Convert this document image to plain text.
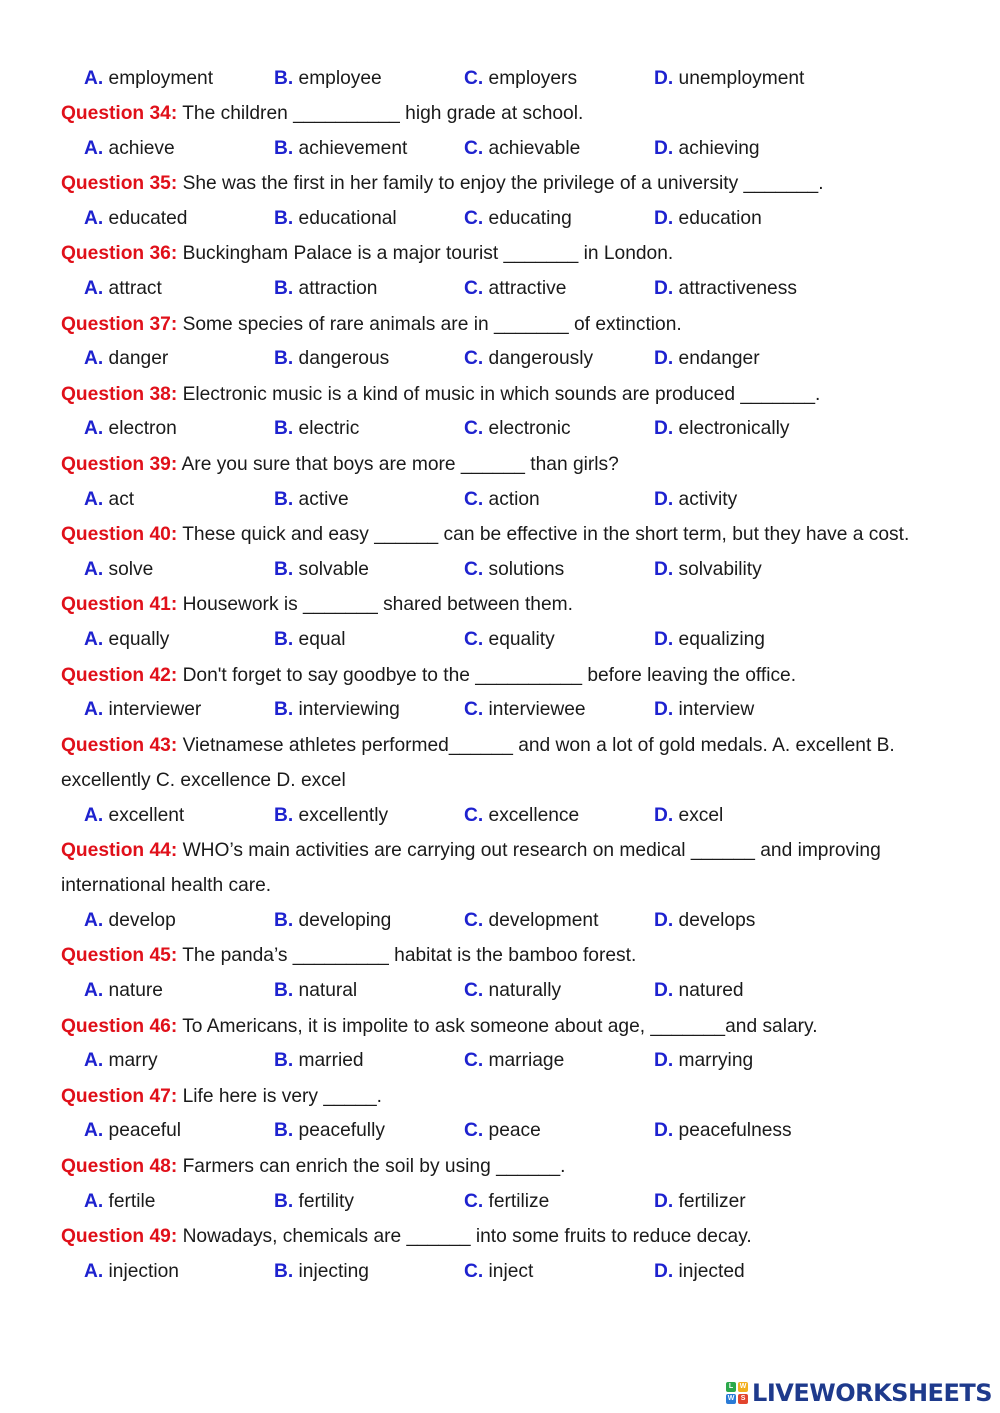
A. employment	B. employee	C. employers	D. unemployment
Question 34: The children __________ high grade at school.
A. achieve	B. achievement	C. achievable	D. achieving
Question 35: She was the first in her family to enjoy the privilege of a university _______.
A. educated	B. educational	C. educating	D. education
Question 36: Buckingham Palace is a major tourist _______ in London.
A. attract	B. attraction	C. attractive	D. attractiveness
Question 37: Some species of rare animals are in _______ of extinction.
A. danger	B. dangerous	C. dangerously	D. endanger
Question 38: Electronic music is a kind of music in which sounds are produced _______.
A. electron	B. electric	C. electronic	D. electronically
Question 39: Are you sure that boys are more ______ than girls?
A. act	B. active	C. action	D. activity
Question 40: These quick and easy ______ can be effective in the short term, but they have a cost.
A. solve	B. solvable	C. solutions	D. solvability
Question 41: Housework is _______ shared between them.
A. equally	B. equal	C. equality	D. equalizing
Question 42: Don't forget to say goodbye to the __________ before leaving the office.
A. interviewer	B. interviewing	C. interviewee	D. interview
Question 43: Vietnamese athletes performed______ and won a lot of gold medals. A. excellent B. excellently C. excellence D. excel
A. excellent	B. excellently	C. excellence	D. excel
Question 44: WHO’s main activities are carrying out research on medical ______ and improving international health care.
A. develop	B. developing	C. development	D. develops
Question 45: The panda’s _________ habitat is the bamboo forest.
A. nature	B. natural	C. naturally	D. natured
Question 46: To Americans, it is impolite to ask someone about age, _______and salary.
A. marry	B. married	C. marriage	D. marrying
Question 47: Life here is very _____.
A. peaceful	B. peacefully	C. peace	D. peacefulness
Question 48: Farmers can enrich the soil by using ______.
A. fertile	B. fertility	C. fertilize	D. fertilizer
Question 49: Nowadays, chemicals are ______ into some fruits to reduce decay.
A. injection	B. injecting	C. inject	D. injected
L W
W S LIVEWORKSHEETS
